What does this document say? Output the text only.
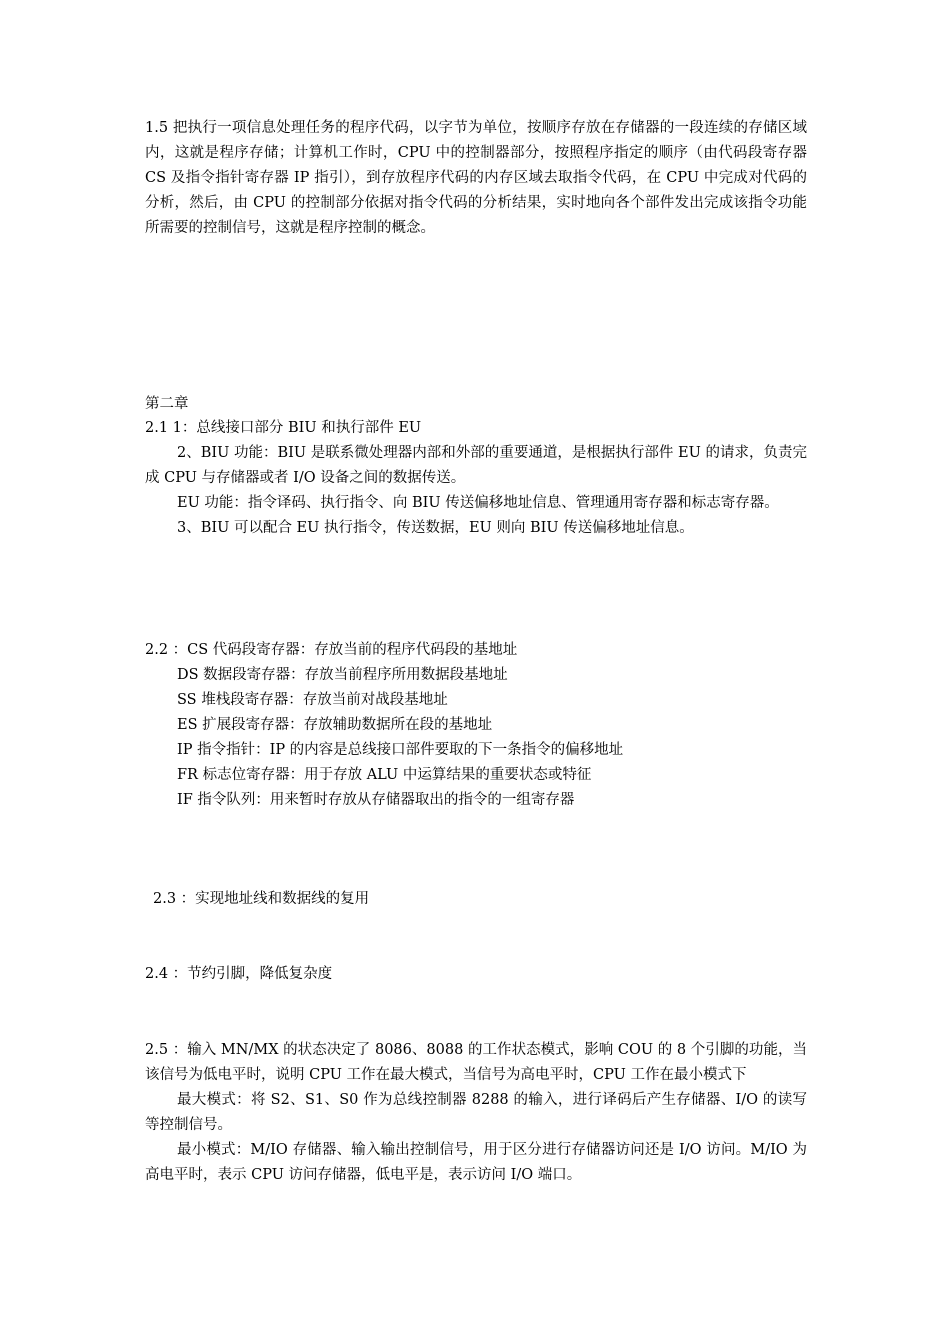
1.5 把执行一项信息处理任务的程序代码，以字节为单位，按顺序存放在存储器的一段连续的存储区域内，这就是程序存储；计算机工作时，CPU 中的控制器部分，按照程序指定的顺序（由代码段寄存器 CS 及指令指针寄存器 IP 指引），到存放程序代码的内存区域去取指令代码，在 CPU 中完成对代码的分析，然后，由 CPU 的控制部分依据对指令代码的分析结果，实时地向各个部件发出完成该指令功能所需要的控制信号，这就是程序控制的概念。

第二章
2.1 1：总线接口部分 BIU 和执行部件 EU

2、BIU 功能：BIU 是联系微处理器内部和外部的重要通道，是根据执行部件 EU 的请求，负责完成 CPU 与存储器或者 I/O 设备之间的数据传送。

EU 功能：指令译码、执行指令、向 BIU 传送偏移地址信息、管理通用寄存器和标志寄存器。

3、BIU 可以配合 EU 执行指令，传送数据，EU 则向 BIU 传送偏移地址信息。

2.2 ：CS 代码段寄存器：存放当前的程序代码段的基地址
DS 数据段寄存器：存放当前程序所用数据段基地址
SS 堆栈段寄存器：存放当前对战段基地址
ES 扩展段寄存器：存放辅助数据所在段的基地址
IP 指令指针：IP 的内容是总线接口部件要取的下一条指令的偏移地址
FR 标志位寄存器：用于存放 ALU 中运算结果的重要状态或特征
IF 指令队列：用来暂时存放从存储器取出的指令的一组寄存器
2.3 ：实现地址线和数据线的复用
2.4 ：节约引脚，降低复杂度

2.5 ：输入 MN/MX 的状态决定了 8086、8088 的工作状态模式，影响 COU 的 8 个引脚的功能，当该信号为低电平时，说明 CPU 工作在最大模式，当信号为高电平时，CPU 工作在最小模式下

最大模式：将 S2、S1、S0 作为总线控制器 8288 的输入，进行译码后产生存储器、I/O 的读写等控制信号。

最小模式：M/IO 存储器、输入输出控制信号，用于区分进行存储器访问还是 I/O 访问。M/IO 为高电平时，表示 CPU 访问存储器，低电平是，表示访问 I/O 端口。
